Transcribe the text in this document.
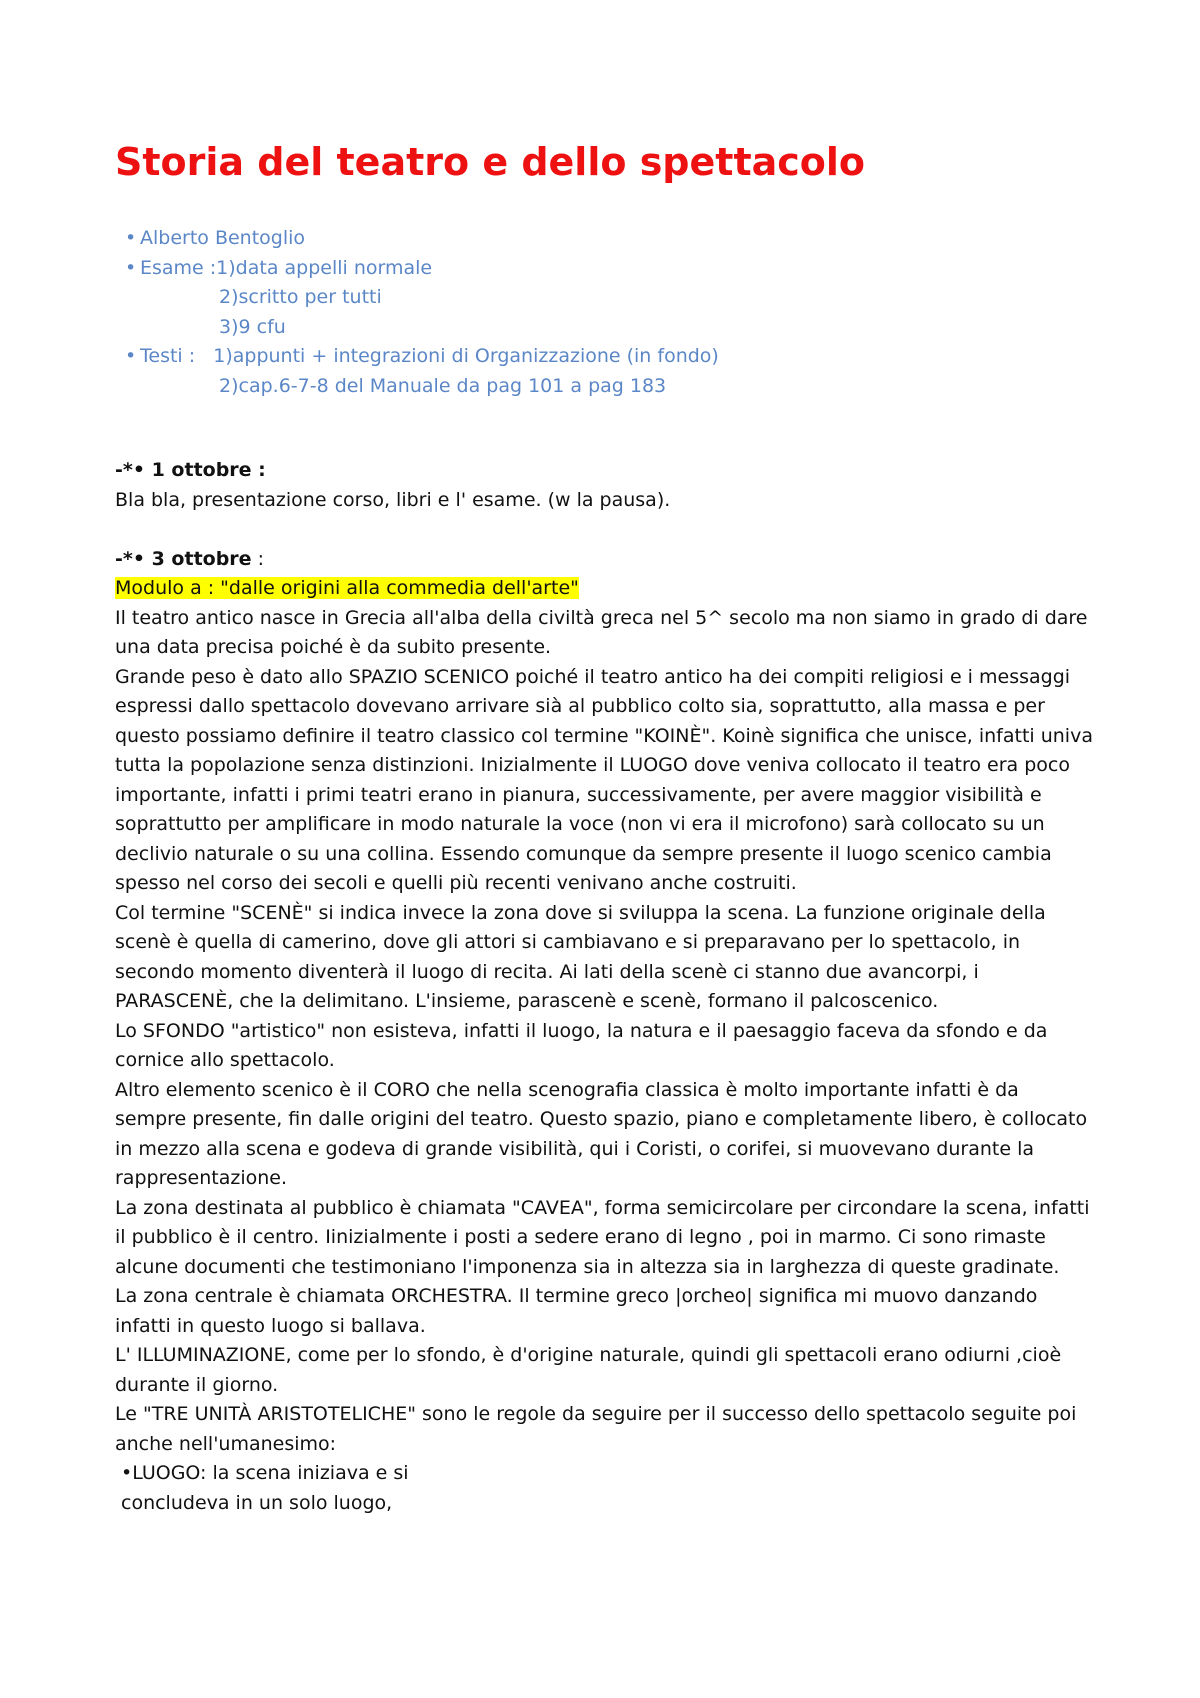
Storia del teatro e dello spettacolo
• Alberto Bentoglio
• Esame :1)data appelli normale
2)scritto per tutti
3)9 cfu
• Testi :   1)appunti + integrazioni di Organizzazione (in fondo)
2)cap.6-7-8 del Manuale da pag 101 a pag 183

-*• 1 ottobre :

Bla bla, presentazione corso, libri e l' esame. (w la pausa).

-*• 3 ottobre :

Modulo a : "dalle origini alla commedia dell'arte"

Il teatro antico nasce in Grecia all'alba della civiltà greca nel 5^ secolo ma non siamo in grado di dare una data precisa poiché è da subito presente.

Grande peso è dato allo SPAZIO SCENICO poiché il teatro antico ha dei compiti religiosi e i messaggi espressi dallo spettacolo dovevano arrivare sià al pubblico colto sia, soprattutto, alla massa e per questo possiamo definire il teatro classico col termine "KOINÈ". Koinè significa che unisce, infatti univa tutta la popolazione senza distinzioni. Inizialmente il LUOGO dove veniva collocato il teatro era poco importante, infatti i primi teatri erano in pianura, successivamente, per avere maggior visibilità e soprattutto per amplificare in modo naturale la voce (non vi era il microfono) sarà collocato su un declivio naturale o su una collina. Essendo comunque da sempre presente il luogo scenico cambia spesso nel corso dei secoli e quelli più recenti venivano anche costruiti.

Col termine "SCENÈ" si indica invece la zona dove si sviluppa la scena. La funzione originale della scenè è quella di camerino, dove gli attori si cambiavano e si preparavano per lo spettacolo, in secondo momento diventerà il luogo di recita. Ai lati della scenè ci stanno due avancorpi, i PARASCENÈ, che la delimitano. L'insieme, parascenè e scenè, formano il palcoscenico.

Lo SFONDO "artistico" non esisteva, infatti il luogo, la natura e il paesaggio faceva da sfondo e da cornice allo spettacolo.

Altro elemento scenico è il CORO che nella scenografia classica è molto importante infatti è da sempre presente, fin dalle origini del teatro. Questo spazio, piano e completamente libero, è collocato in mezzo alla scena e godeva di grande visibilità, qui i Coristi, o corifei, si muovevano durante la rappresentazione.

La zona destinata al pubblico è chiamata "CAVEA", forma semicircolare per circondare la scena, infatti il pubblico è il centro. Iinizialmente i posti a sedere erano di legno , poi in marmo. Ci sono rimaste alcune documenti che testimoniano l'imponenza sia in altezza sia in larghezza di queste gradinate.

La zona centrale è chiamata ORCHESTRA. Il termine greco |orcheo| significa mi muovo danzando infatti in questo luogo si ballava.

L' ILLUMINAZIONE, come per lo sfondo, è d'origine naturale, quindi gli spettacoli erano odiurni ,cioè durante il giorno.

Le "TRE UNITÀ ARISTOTELICHE" sono le regole da seguire per il successo dello spettacolo seguite poi anche nell'umanesimo:

•LUOGO: la scena iniziava e si

concludeva in un solo luogo,
